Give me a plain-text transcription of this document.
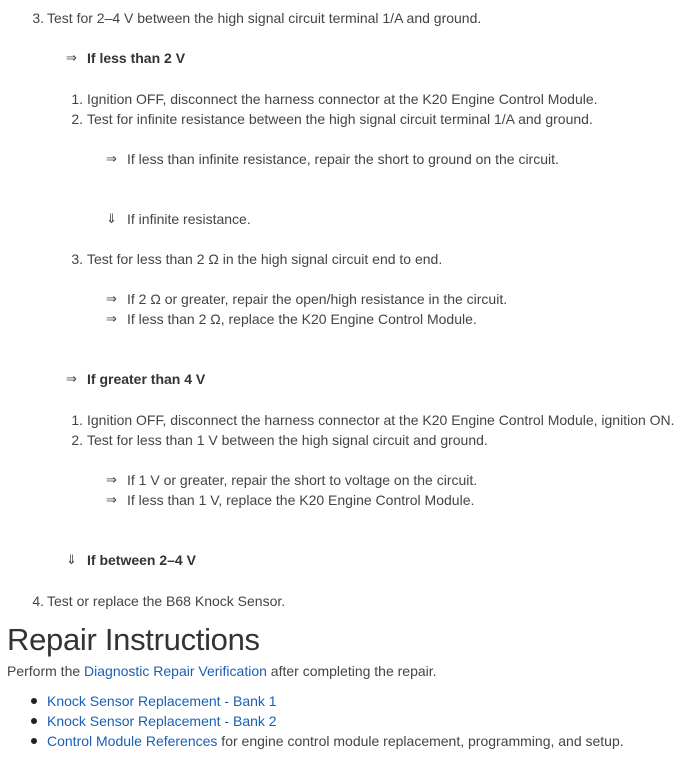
3. Test for 2–4 V between the high signal circuit terminal 1/A and ground.
⇒ If less than 2 V
1. Ignition OFF, disconnect the harness connector at the K20 Engine Control Module.
2. Test for infinite resistance between the high signal circuit terminal 1/A and ground.
⇒ If less than infinite resistance, repair the short to ground on the circuit.
⇓ If infinite resistance.
3. Test for less than 2 Ω in the high signal circuit end to end.
⇒ If 2 Ω or greater, repair the open/high resistance in the circuit.
⇒ If less than 2 Ω, replace the K20 Engine Control Module.
⇒ If greater than 4 V
1. Ignition OFF, disconnect the harness connector at the K20 Engine Control Module, ignition ON.
2. Test for less than 1 V between the high signal circuit and ground.
⇒ If 1 V or greater, repair the short to voltage on the circuit.
⇒ If less than 1 V, replace the K20 Engine Control Module.
⇓ If between 2–4 V
4. Test or replace the B68 Knock Sensor.
Repair Instructions
Perform the Diagnostic Repair Verification after completing the repair.
Knock Sensor Replacement - Bank 1
Knock Sensor Replacement - Bank 2
Control Module References for engine control module replacement, programming, and setup.
